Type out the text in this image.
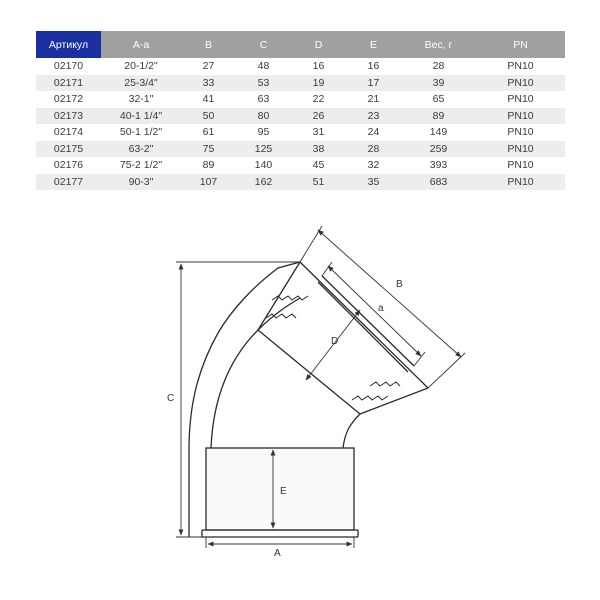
Артикул	A-a	B	C	D	E	Вес, г	PN
02170	20-1/2"	27	48	16	16	28	PN10
02171	25-3/4"	33	53	19	17	39	PN10
02172	32-1"	41	63	22	21	65	PN10
02173	40-1 1/4"	50	80	26	23	89	PN10
02174	50-1 1/2"	61	95	31	24	149	PN10
02175	63-2"	75	125	38	28	259	PN10
02176	75-2 1/2"	89	140	45	32	393	PN10
02177	90-3"	107	162	51	35	683	PN10
B
a
D
C
E
A
